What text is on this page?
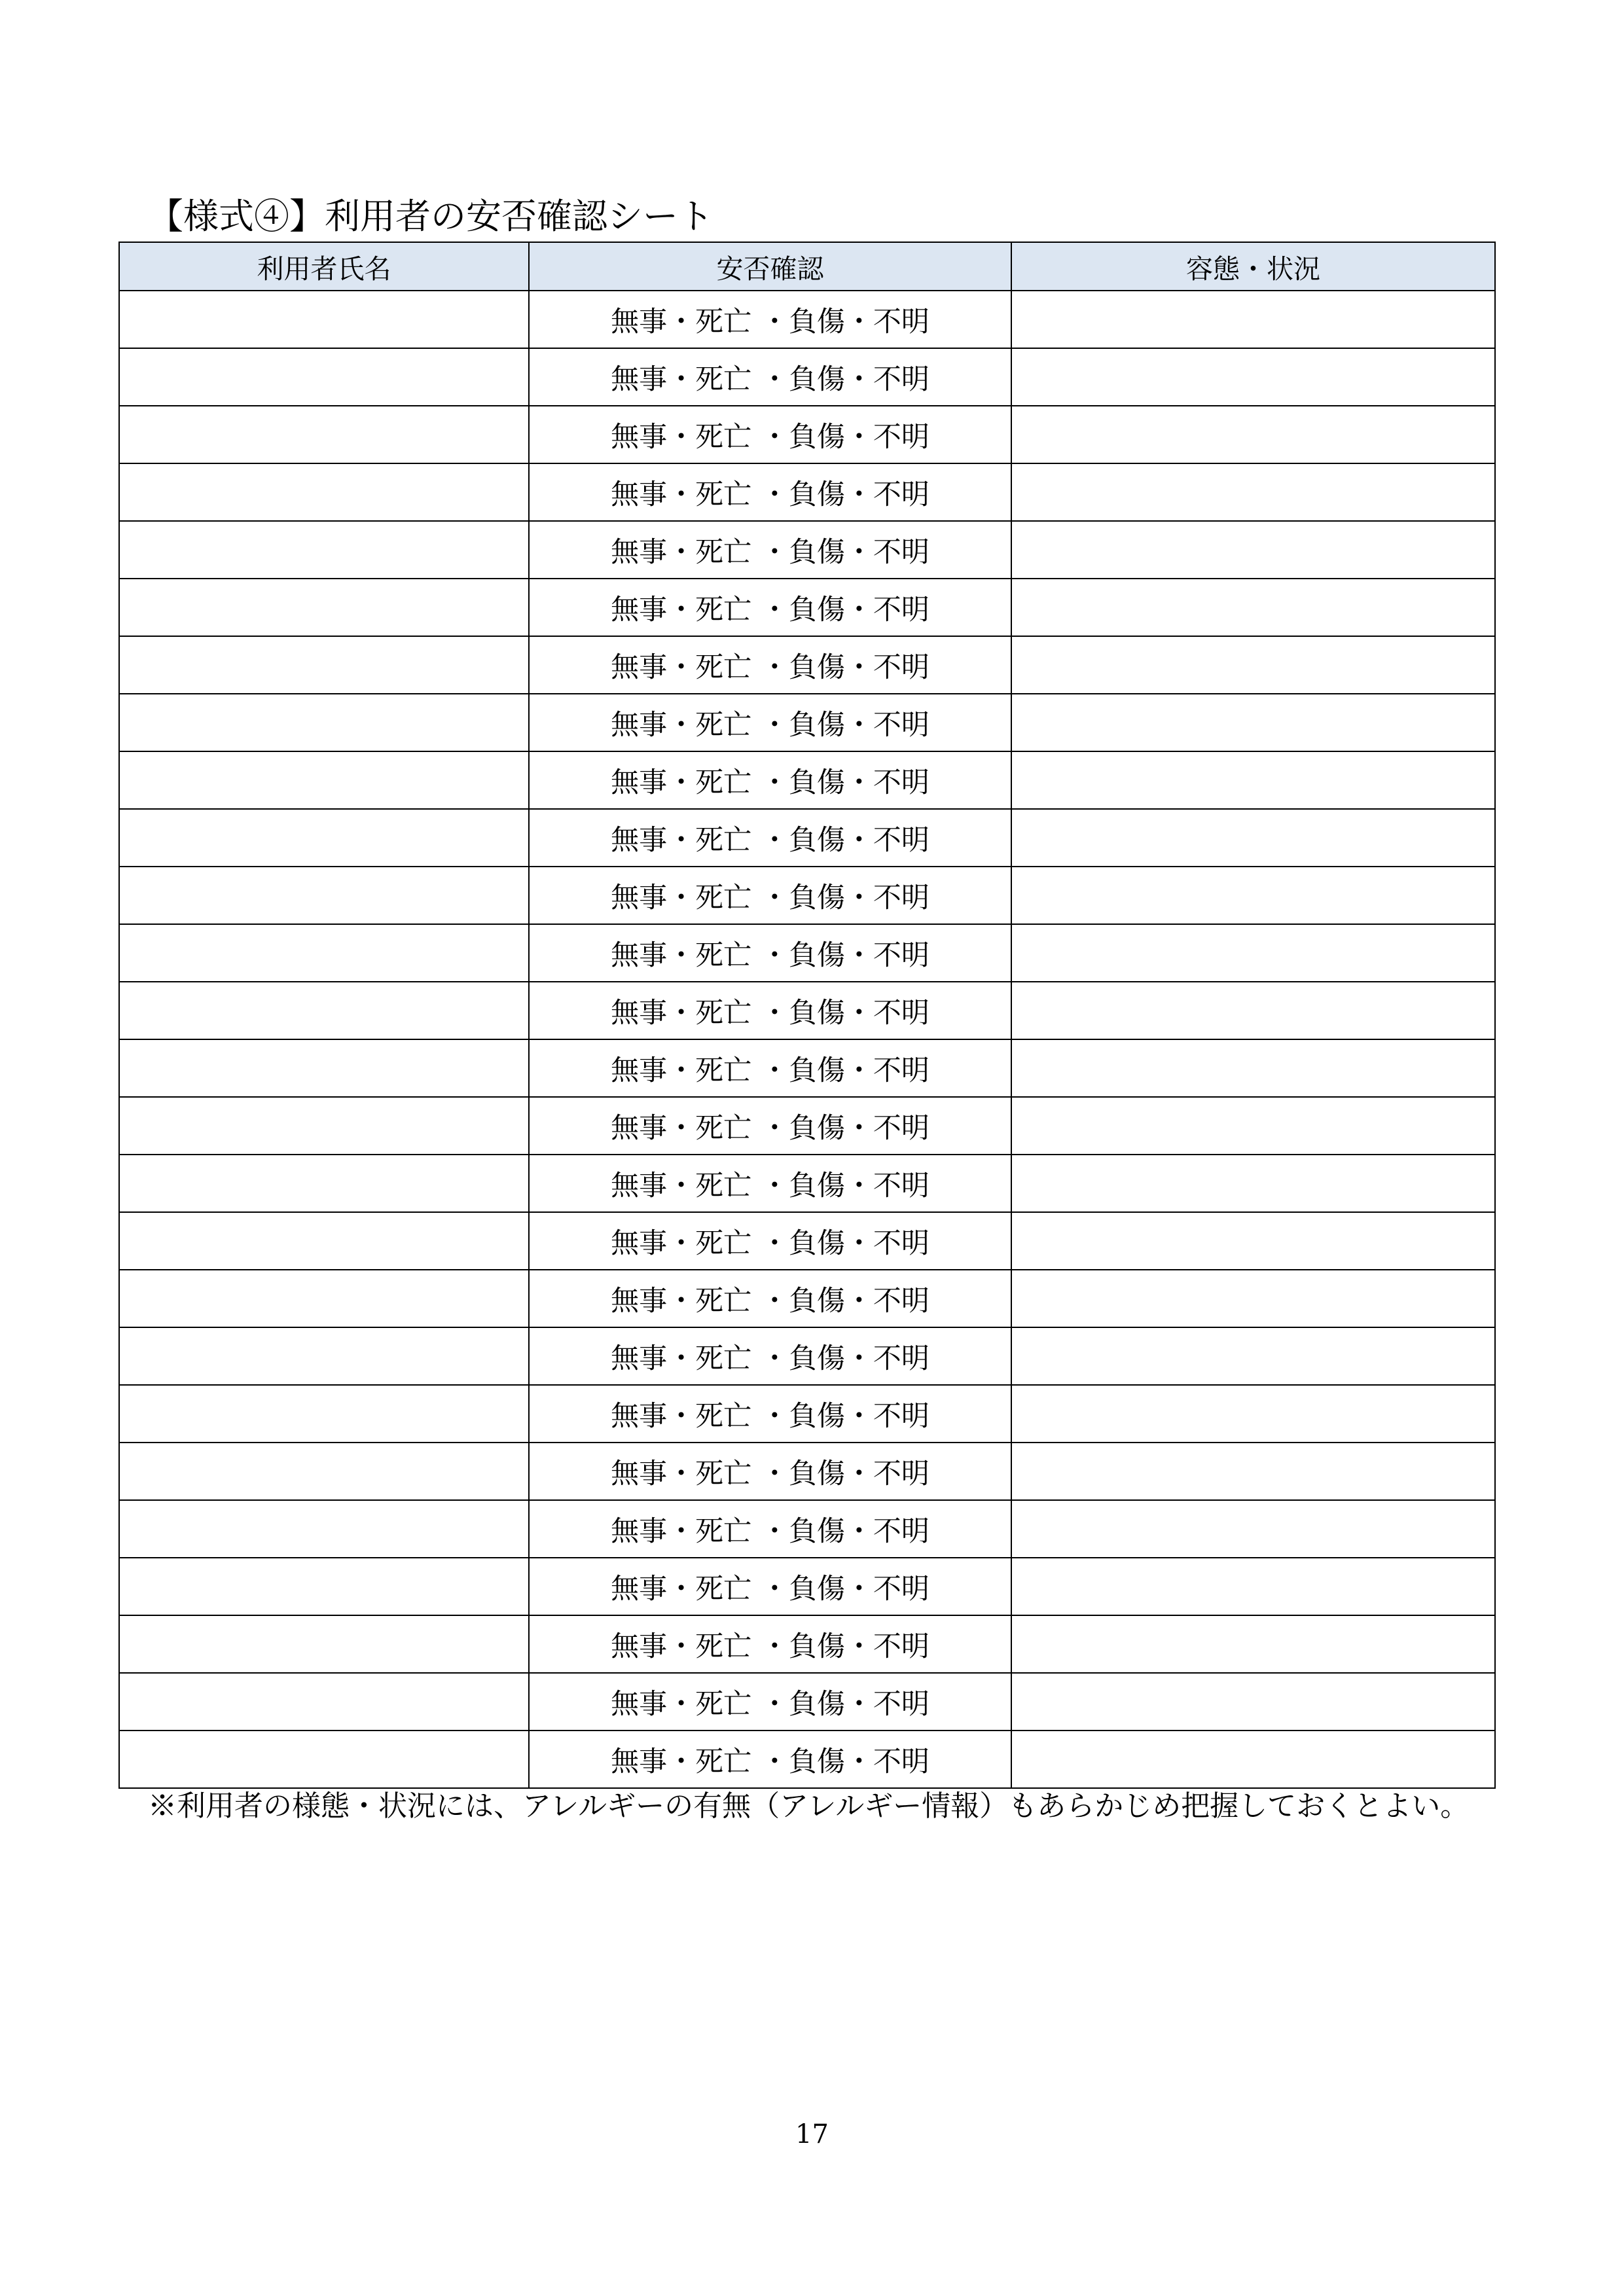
【様式④】利用者の安否確認シート
利用者氏名	安否確認	容態・状況
	無事・死亡 ・負傷・不明	
	無事・死亡 ・負傷・不明	
	無事・死亡 ・負傷・不明	
	無事・死亡 ・負傷・不明	
	無事・死亡 ・負傷・不明	
	無事・死亡 ・負傷・不明	
	無事・死亡 ・負傷・不明	
	無事・死亡 ・負傷・不明	
	無事・死亡 ・負傷・不明	
	無事・死亡 ・負傷・不明	
	無事・死亡 ・負傷・不明	
	無事・死亡 ・負傷・不明	
	無事・死亡 ・負傷・不明	
	無事・死亡 ・負傷・不明	
	無事・死亡 ・負傷・不明	
	無事・死亡 ・負傷・不明	
	無事・死亡 ・負傷・不明	
	無事・死亡 ・負傷・不明	
	無事・死亡 ・負傷・不明	
	無事・死亡 ・負傷・不明	
	無事・死亡 ・負傷・不明	
	無事・死亡 ・負傷・不明	
	無事・死亡 ・負傷・不明	
	無事・死亡 ・負傷・不明	
	無事・死亡 ・負傷・不明	
	無事・死亡 ・負傷・不明	
※利用者の様態・状況には、アレルギーの有無（アレルギー情報）もあらかじめ把握しておくとよい。
17
